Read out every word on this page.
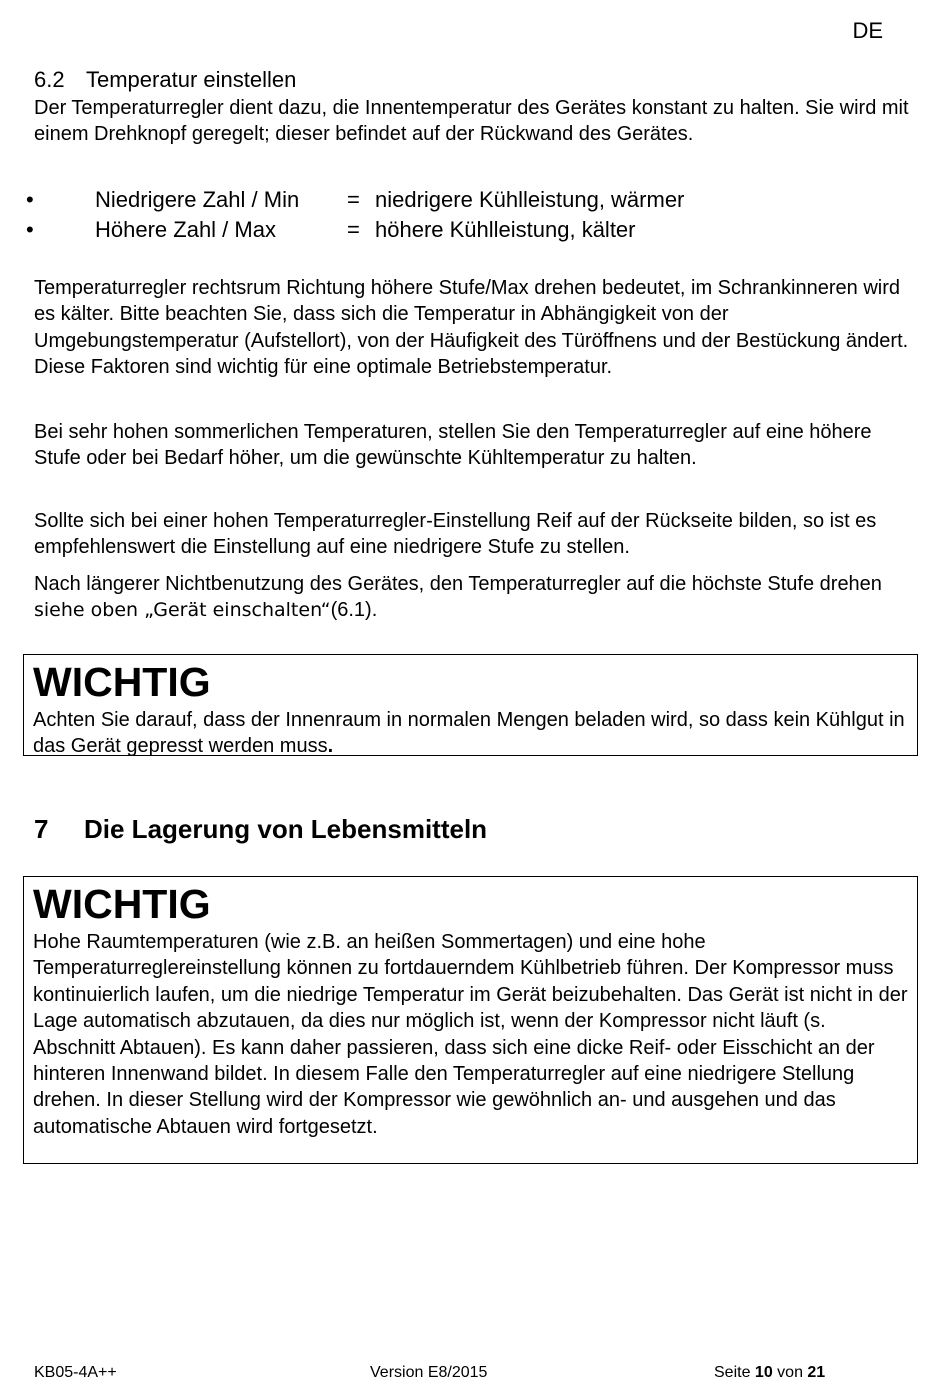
DE
6.2 Temperatur einstellen
Der Temperaturregler dient dazu, die Innentemperatur des Gerätes konstant zu halten. Sie wird mit einem Drehknopf geregelt; dieser befindet auf der Rückwand des Gerätes.
•	Niedrigere Zahl / Min = niedrigere Kühlleistung, wärmer
•	Höhere Zahl / Max	= höhere Kühlleistung, kälter
Temperaturregler rechtsrum Richtung höhere Stufe/Max drehen bedeutet, im Schrankinneren wird es kälter. Bitte beachten Sie, dass sich die Temperatur in Abhängigkeit von der Umgebungstemperatur (Aufstellort), von der Häufigkeit des Türöffnens und der Bestückung ändert. Diese Faktoren sind wichtig für eine optimale Betriebstemperatur.
Bei sehr hohen sommerlichen Temperaturen, stellen Sie den Temperaturregler auf eine höhere Stufe oder bei Bedarf höher, um die gewünschte Kühltemperatur zu halten.
Sollte sich bei einer hohen Temperaturregler-Einstellung Reif auf der Rückseite bilden, so ist es empfehlenswert die Einstellung auf eine niedrigere Stufe zu stellen.
Nach längerer Nichtbenutzung des Gerätes, den Temperaturregler auf die höchste Stufe drehen siehe oben „Gerät einschalten“(6.1).
WICHTIG
Achten Sie darauf, dass der Innenraum in normalen Mengen beladen wird, so dass kein Kühlgut in das Gerät gepresst werden muss.
7 Die Lagerung von Lebensmitteln
WICHTIG
Hohe Raumtemperaturen (wie z.B. an heißen Sommertagen) und eine hohe Temperaturreglereinstellung können zu fortdauerndem Kühlbetrieb führen. Der Kompressor muss kontinuierlich laufen, um die niedrige Temperatur im Gerät beizubehalten. Das Gerät ist nicht in der Lage automatisch abzutauen, da dies nur möglich ist, wenn der Kompressor nicht läuft (s. Abschnitt Abtauen). Es kann daher passieren, dass sich eine dicke Reif- oder Eisschicht an der hinteren Innenwand bildet. In diesem Falle den Temperaturregler auf eine niedrigere Stellung drehen. In dieser Stellung wird der Kompressor wie gewöhnlich an- und ausgehen und das automatische Abtauen wird fortgesetzt.
KB05-4A++	Version E8/2015	Seite 10 von 21
